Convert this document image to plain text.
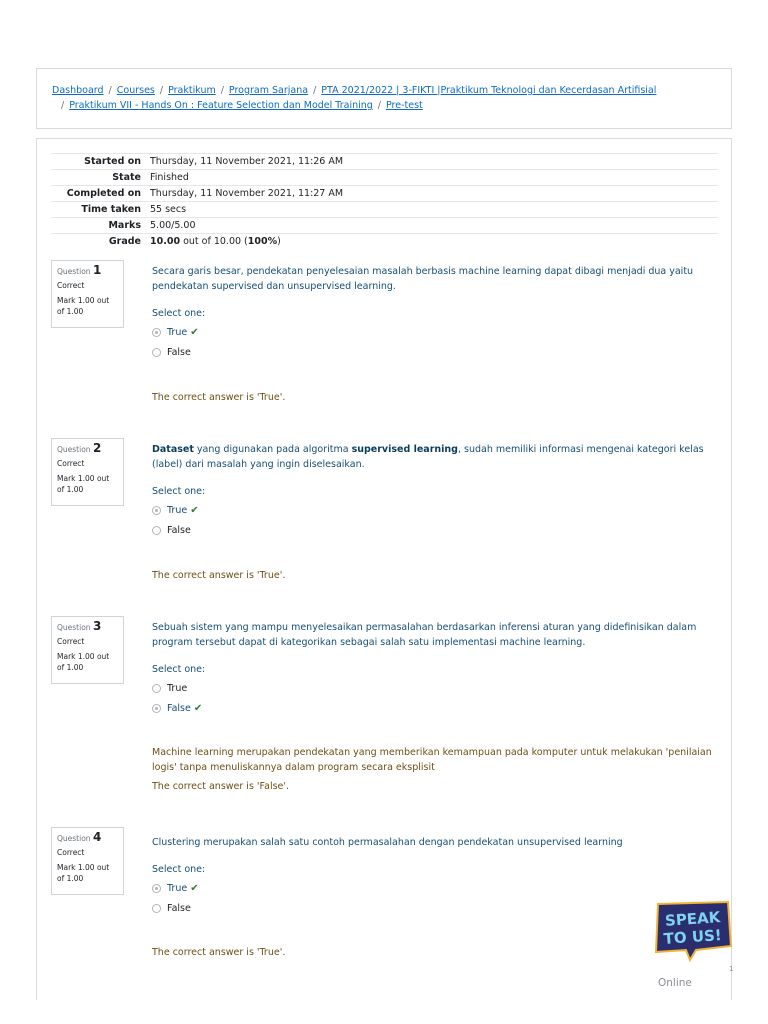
Dashboard / Courses / Praktikum / Program Sarjana / PTA 2021/2022 | 3-FIKTI |Praktikum Teknologi dan Kecerdasan Artifisial
/ Praktikum VII - Hands On : Feature Selection dan Model Training / Pre-test
Started on Thursday, 11 November 2021, 11:26 AM
State Finished
Completed on Thursday, 11 November 2021, 11:27 AM
Time taken 55 secs
Marks 5.00/5.00
Grade 10.00 out of 10.00 (100%)
Question 1
Correct
Mark 1.00 out of 1.00
Secara garis besar, pendekatan penyelesaian masalah berbasis machine learning dapat dibagi menjadi dua yaitu pendekatan supervised dan unsupervised learning.
Select one:
True ✔
False
The correct answer is 'True'.
Question 2
Correct
Mark 1.00 out of 1.00
Dataset yang digunakan pada algoritma supervised learning, sudah memiliki informasi mengenai kategori kelas (label) dari masalah yang ingin diselesaikan.
Select one:
True ✔
False
The correct answer is 'True'.
Question 3
Correct
Mark 1.00 out of 1.00
Sebuah sistem yang mampu menyelesaikan permasalahan berdasarkan inferensi aturan yang didefinisikan dalam program tersebut dapat di kategorikan sebagai salah satu implementasi machine learning.
Select one:
True
False ✔
Machine learning merupakan pendekatan yang memberikan kemampuan pada komputer untuk melakukan 'penilaian logis' tanpa menuliskannya dalam program secara eksplisit
The correct answer is 'False'.
Question 4
Correct
Mark 1.00 out of 1.00
Clustering merupakan salah satu contoh permasalahan dengan pendekatan unsupervised learning
Select one:
True ✔
False
The correct answer is 'True'.
SPEAK
TO US!
1
Online
